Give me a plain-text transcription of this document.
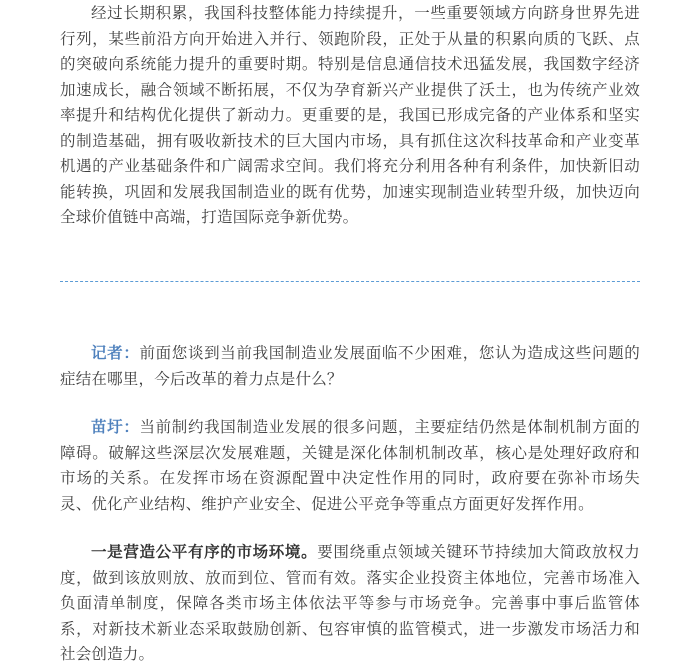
经过长期积累，我国科技整体能力持续提升，一些重要领域方向跻身世界先进行列，某些前沿方向开始进入并行、领跑阶段，正处于从量的积累向质的飞跃、点的突破向系统能力提升的重要时期。特别是信息通信技术迅猛发展，我国数字经济加速成长，融合领域不断拓展，不仅为孕育新兴产业提供了沃土，也为传统产业效率提升和结构优化提供了新动力。更重要的是，我国已形成完备的产业体系和坚实的制造基础，拥有吸收新技术的巨大国内市场，具有抓住这次科技革命和产业变革机遇的产业基础条件和广阔需求空间。我们将充分利用各种有利条件，加快新旧动能转换，巩固和发展我国制造业的既有优势，加速实现制造业转型升级，加快迈向全球价值链中高端，打造国际竞争新优势。

记者：前面您谈到当前我国制造业发展面临不少困难，您认为造成这些问题的症结在哪里，今后改革的着力点是什么？

苗圩：当前制约我国制造业发展的很多问题，主要症结仍然是体制机制方面的障碍。破解这些深层次发展难题，关键是深化体制机制改革，核心是处理好政府和市场的关系。在发挥市场在资源配置中决定性作用的同时，政府要在弥补市场失灵、优化产业结构、维护产业安全、促进公平竞争等重点方面更好发挥作用。

一是营造公平有序的市场环境。要围绕重点领域关键环节持续加大简政放权力度，做到该放则放、放而到位、管而有效。落实企业投资主体地位，完善市场准入负面清单制度，保障各类市场主体依法平等参与市场竞争。完善事中事后监管体系，对新技术新业态采取鼓励创新、包容审慎的监管模式，进一步激发市场活力和社会创造力。
